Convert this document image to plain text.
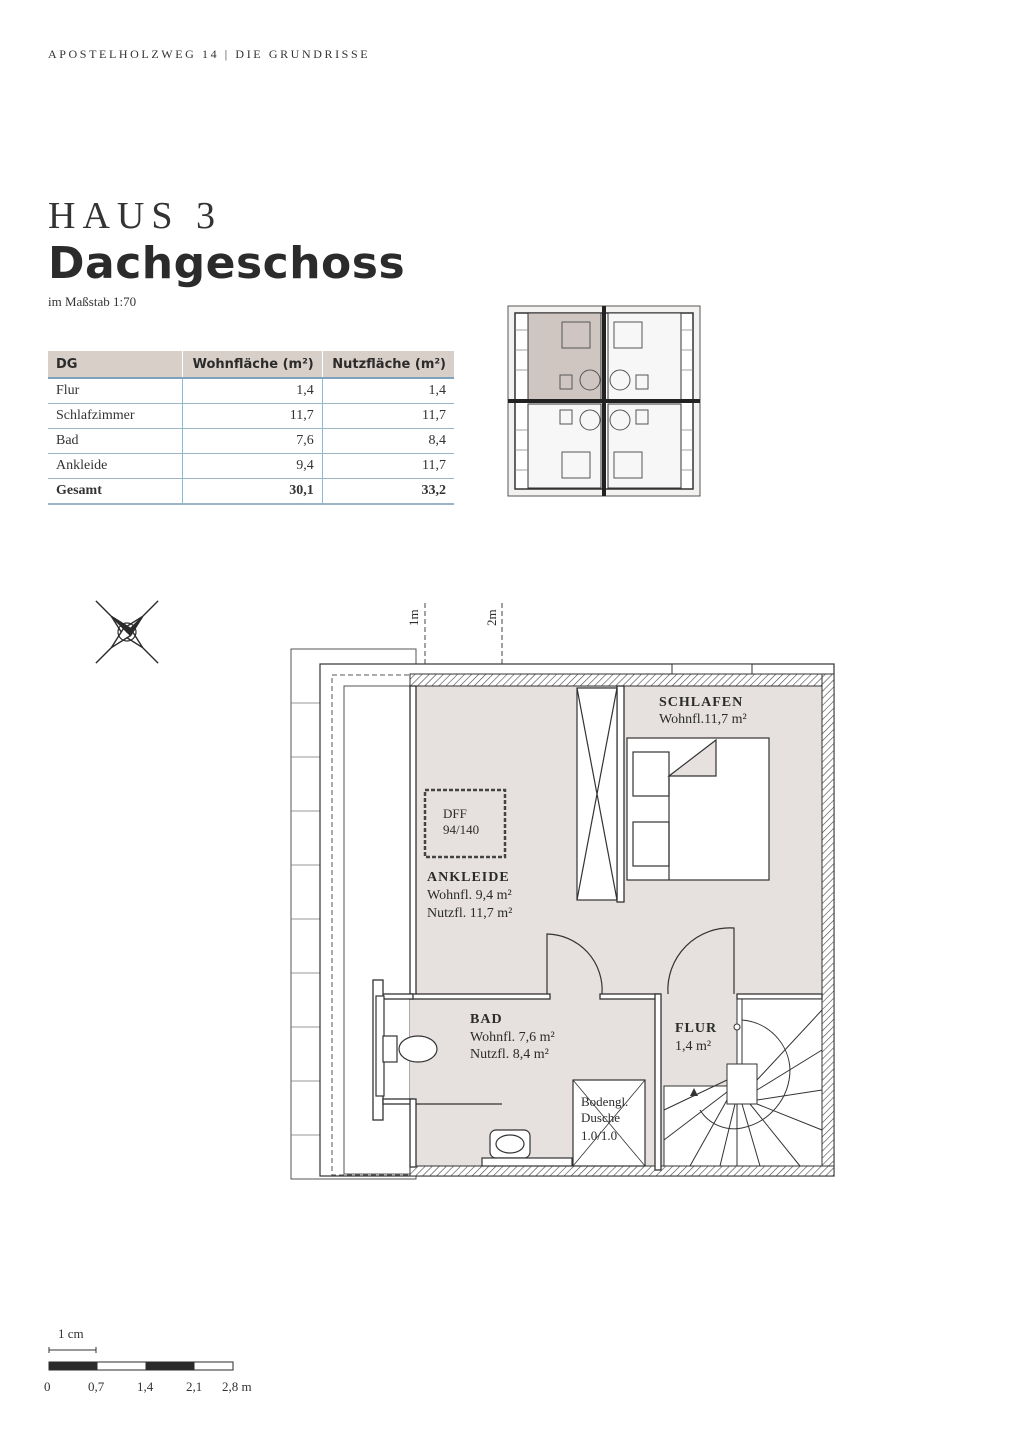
APOSTELHOLZWEG 14 | DIE GRUNDRISSE
HAUS 3
Dachgeschoss
im Maßstab 1:70
DG	Wohnfläche (m²)	Nutzfläche (m²)
Flur	1,4	1,4
Schlafzimmer	11,7	11,7
Bad	7,6	8,4
Ankleide	9,4	11,7
Gesamt	30,1	33,2
1m	2m
SCHLAFEN
Wohnfl.11,7 m²
DFF
94/140
ANKLEIDE
Wohnfl. 9,4 m²
Nutzfl. 11,7 m²
BAD
Wohnfl. 7,6 m²
Nutzfl. 8,4 m²
FLUR
1,4 m²
Bodengl.
Dusche
1.0/1.0
1 cm
0	0,7	1,4	2,1 2,8 m
